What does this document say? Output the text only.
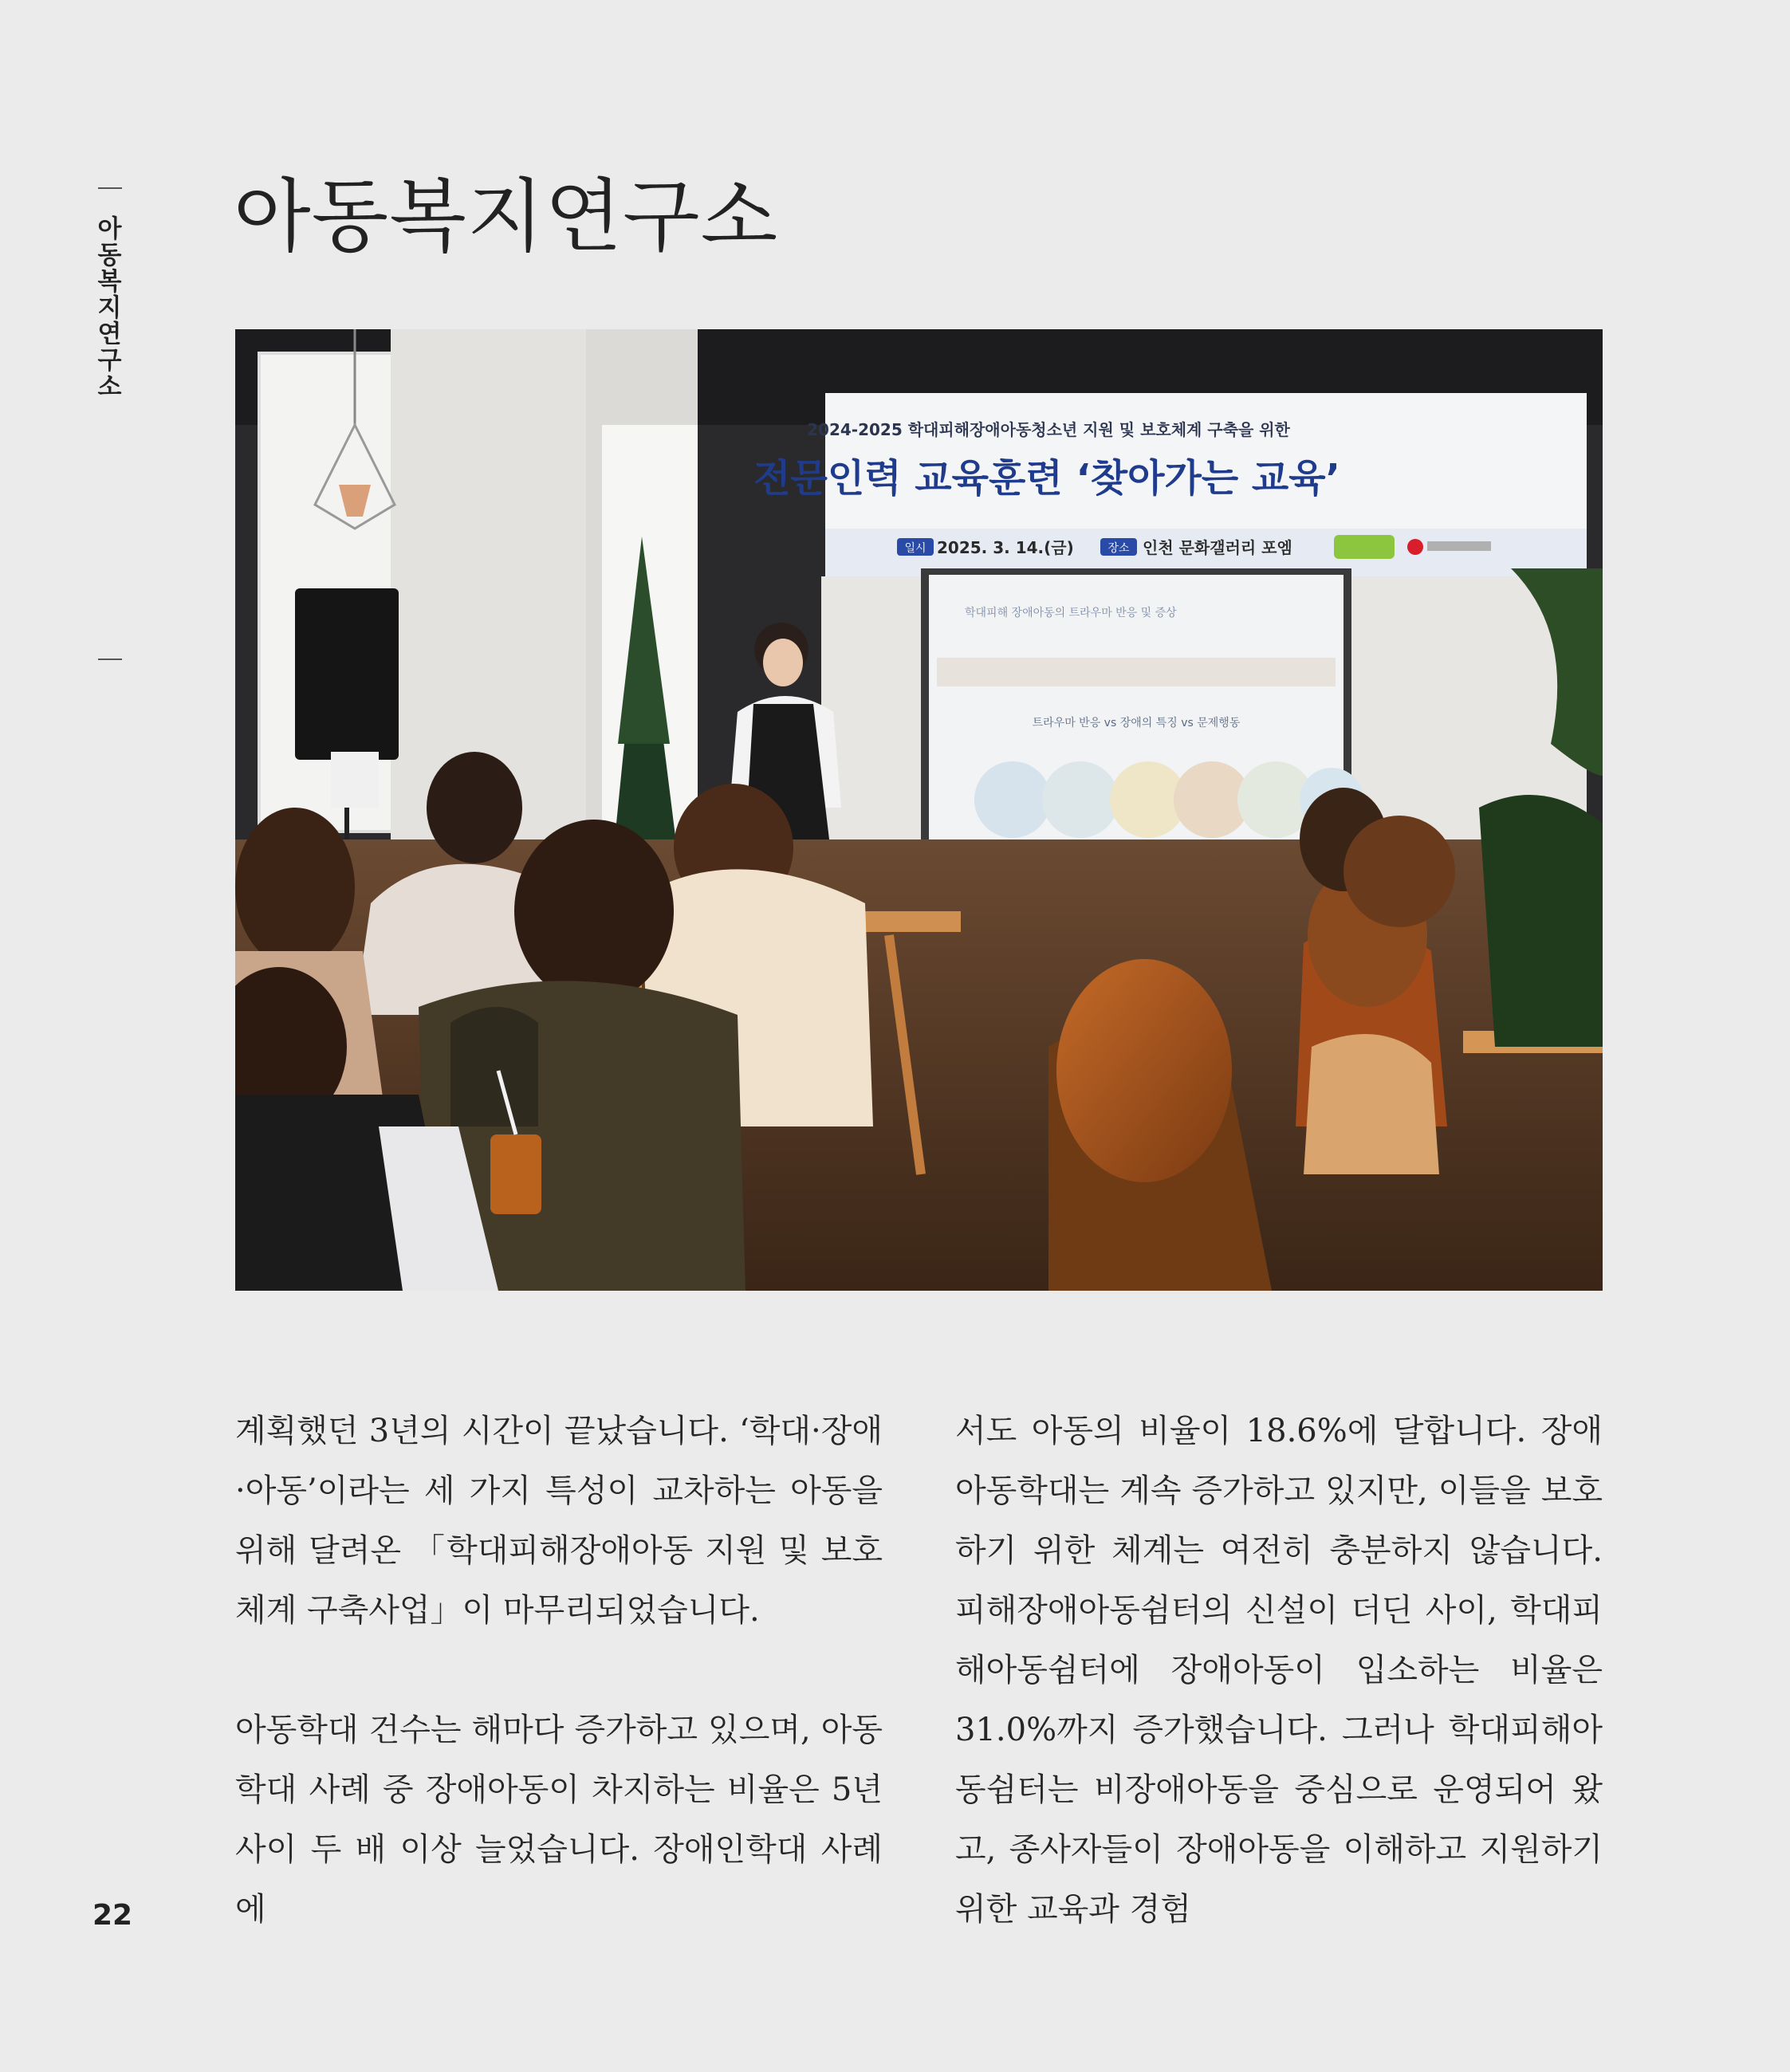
아동복지연구소 아동복지연구소
2024-2025 학대피해장애아동청소년 지원 및 보호체계 구축을 위한
전문인력 교육훈련 ‘찾아가는 교육’
일시 2025. 3. 14.(금)	장소 인천 문화갤러리 포엠
학대피해 장애아동의 트라우마 반응 및 증상
트라우마 반응 vs 장애의 특징 vs 문제행동

계획했던 3년의 시간이 끝났습니다. ‘학대·장애·아동’이라는 세 가지 특성이 교차하는 아동을 위해 달려온 「학대피해장애아동 지원 및 보호체계 구축사업」이 마무리되었습니다.

아동학대 건수는 해마다 증가하고 있으며, 아동학대 사례 중 장애아동이 차지하는 비율은 5년 사이 두 배 이상 늘었습니다. 장애인학대 사례에

서도 아동의 비율이 18.6%에 달합니다. 장애아동학대는 계속 증가하고 있지만, 이들을 보호하기 위한 체계는 여전히 충분하지 않습니다. 피해장애아동쉼터의 신설이 더딘 사이, 학대피해아동쉼터에 장애아동이 입소하는 비율은 31.0%까지 증가했습니다. 그러나 학대피해아동쉼터는 비장애아동을 중심으로 운영되어 왔고, 종사자들이 장애아동을 이해하고 지원하기 위한 교육과 경험

22
